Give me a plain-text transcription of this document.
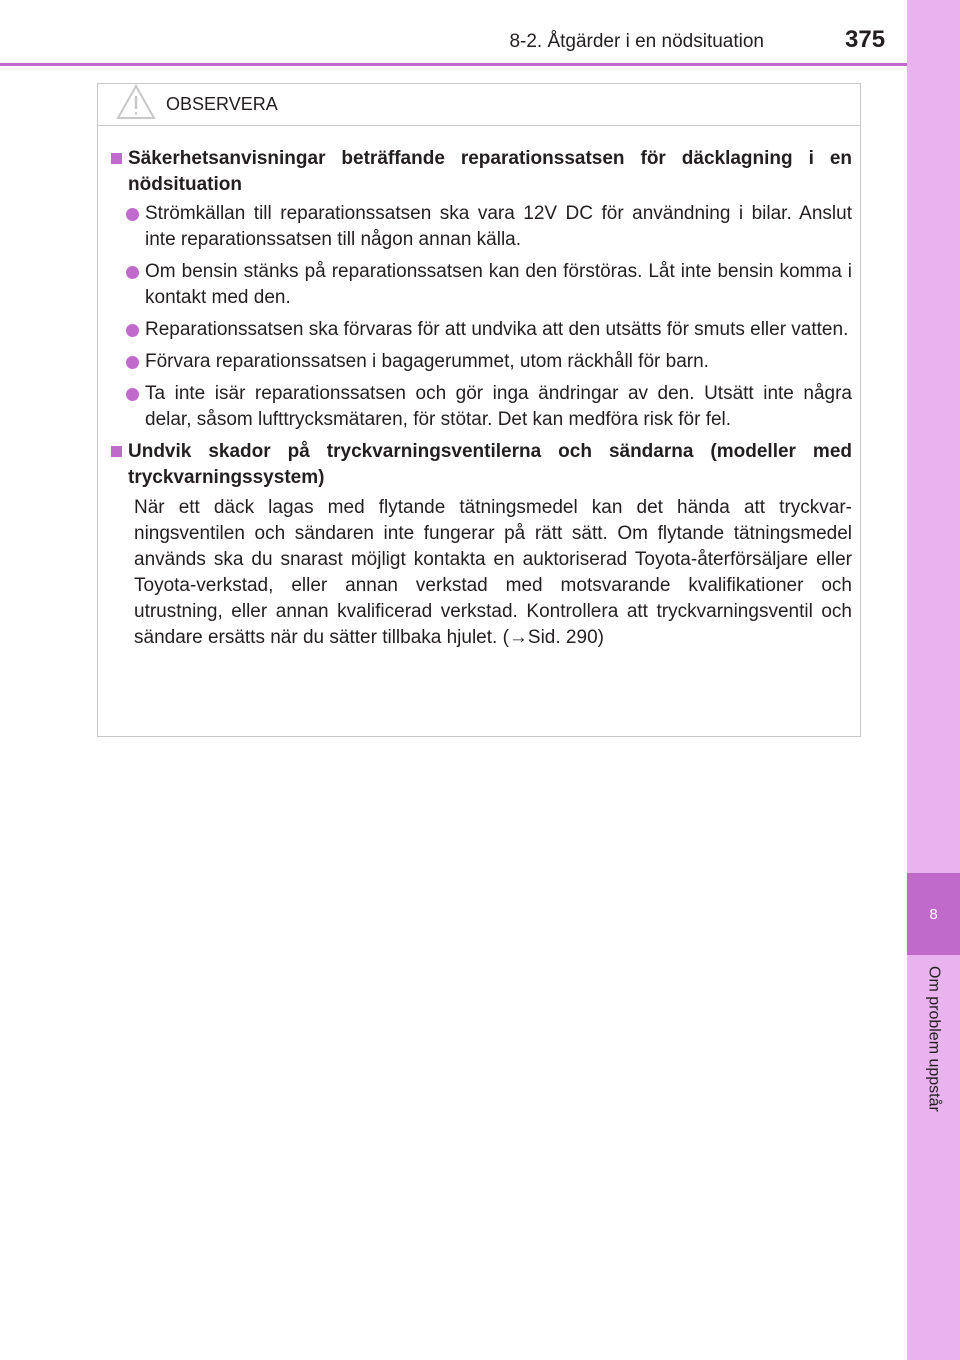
8
Om problem uppstår
8-2. Åtgärder i en nödsituation	375
OBSERVERA
Säkerhetsanvisningar beträffande reparationssatsen för däcklagning i en nödsituation
Strömkällan till reparationssatsen ska vara 12V DC för användning i bilar. Anslut inte reparationssatsen till någon annan källa.
Om bensin stänks på reparationssatsen kan den förstöras. Låt inte bensin komma i kontakt med den.
Reparationssatsen ska förvaras för att undvika att den utsätts för smuts eller vatten.
Förvara reparationssatsen i bagagerummet, utom räckhåll för barn.
Ta inte isär reparationssatsen och gör inga ändringar av den. Utsätt inte några delar, såsom lufttrycksmätaren, för stötar. Det kan medföra risk för fel.
Undvik skador på tryckvarningsventilerna och sändarna (modeller med tryckvarningssystem)
När ett däck lagas med flytande tätningsmedel kan det hända att tryckvarningsventilen och sändaren inte fungerar på rätt sätt. Om flytande tätningsmedel används ska du snarast möjligt kontakta en auktoriserad Toyota-återförsäljare eller Toyota-verkstad, eller annan verkstad med motsvarande kvalifikationer och utrustning, eller annan kvalificerad verkstad. Kontrollera att tryckvarningsventil och sändare ersätts när du sätter tillbaka hjulet. (→Sid. 290)
